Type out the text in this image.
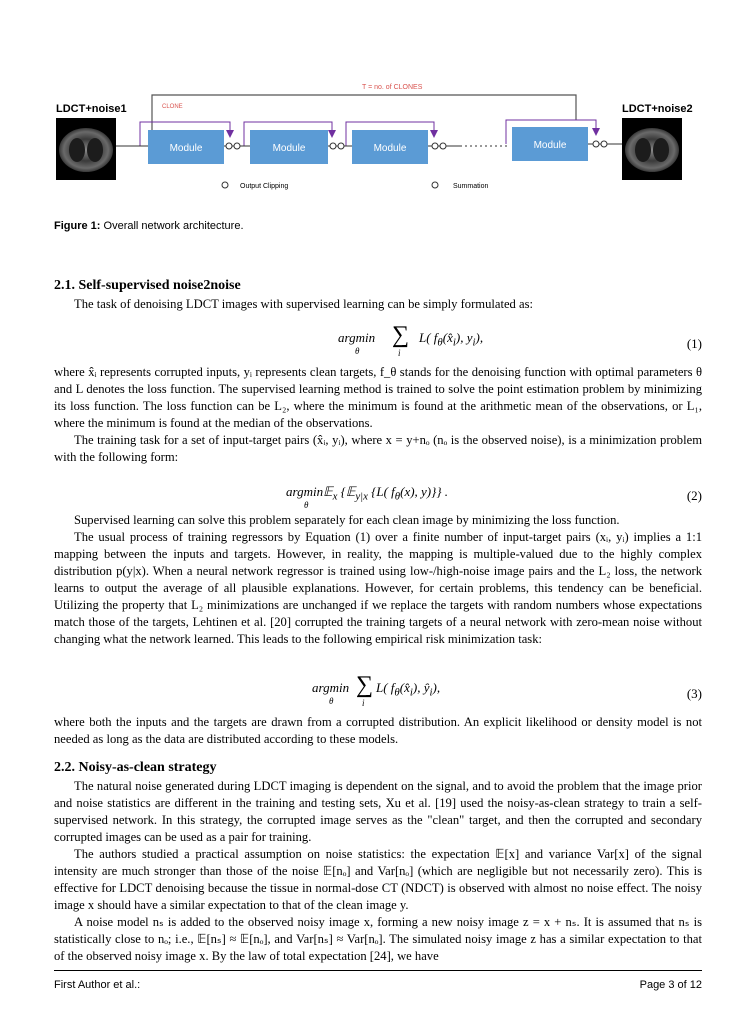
T = no. of CLONES
CLONE
LDCT+noise1	LDCT+noise2
Module	Module	Module	Module
Output Clipping	Summation
Figure 1: Overall network architecture.
2.1. Self-supervised noise2noise
The task of denoising LDCT images with supervised learning can be simply formulated as:
argmin
θ
∑
i
L( $f_\theta(x̂_i)$, $y_i$),	(1)
where x̂ᵢ represents corrupted inputs, yᵢ represents clean targets, f_θ stands for the denoising function with optimal parameters θ and L denotes the loss function. The supervised learning method is trained to solve the point estimation problem by minimizing its loss function. The loss function can be L₂, where the minimum is found at the arithmetic mean of the observations, or L₁, where the minimum is found at the median of the observations.
The training task for a set of input-target pairs (x̂ᵢ, yᵢ), where x = y+nₒ (nₒ is the observed noise), is a minimization problem with the following form:
argmin𝔼$_x$ {𝔼$_{y|x}$ {L( $f_\theta(x)$, y)}} .
θ
(2)
Supervised learning can solve this problem separately for each clean image by minimizing the loss function.
The usual process of training regressors by Equation (1) over a finite number of input-target pairs (xᵢ, yᵢ) implies a 1:1 mapping between the inputs and targets. However, in reality, the mapping is multiple-valued due to the highly complex distribution p(y|x). When a neural network regressor is trained using low-/high-noise image pairs and the L₂ loss, the network learns to output the average of all plausible explanations. However, for certain problems, this tendency can be beneficial. Utilizing the property that L₂ minimizations are unchanged if we replace the targets with random numbers whose expectations match those of the targets, Lehtinen et al. [20] corrupted the training targets of a neural network with zero-mean noise without changing what the network learned. This leads to the following empirical risk minimization task:
argmin
θ
∑
i
L( $f_\theta(x̂_i)$, $ŷ_i$),	(3)
where both the inputs and the targets are drawn from a corrupted distribution. An explicit likelihood or density model is not needed as long as the data are distributed according to these models.
2.2. Noisy-as-clean strategy
The natural noise generated during LDCT imaging is dependent on the signal, and to avoid the problem that the image prior and noise statistics are different in the training and testing sets, Xu et al. [19] used the noisy-as-clean strategy to train a self-supervised network. In this strategy, the corrupted image serves as the "clean" target, and then the corrupted and secondary corrupted images can be used as a pair for training.
The authors studied a practical assumption on noise statistics: the expectation 𝔼[x] and variance Var[x] of the signal intensity are much stronger than those of the noise 𝔼[nₒ] and Var[nₒ] (which are negligible but not necessarily zero). This is effective for LDCT denoising because the tissue in normal-dose CT (NDCT) is observed with almost no noise effect. The noisy image x should have a similar expectation to that of the clean image y.
A noise model nₛ is added to the observed noisy image x, forming a new noisy image z = x + nₛ. It is assumed that nₛ is statistically close to nₒ; i.e., 𝔼[nₛ] ≈ 𝔼[nₒ], and Var[nₛ] ≈ Var[nₒ]. The simulated noisy image z has a similar expectation to that of the observed noisy image x. By the law of total expectation [24], we have
First Author et al.:	Page 3 of 12
